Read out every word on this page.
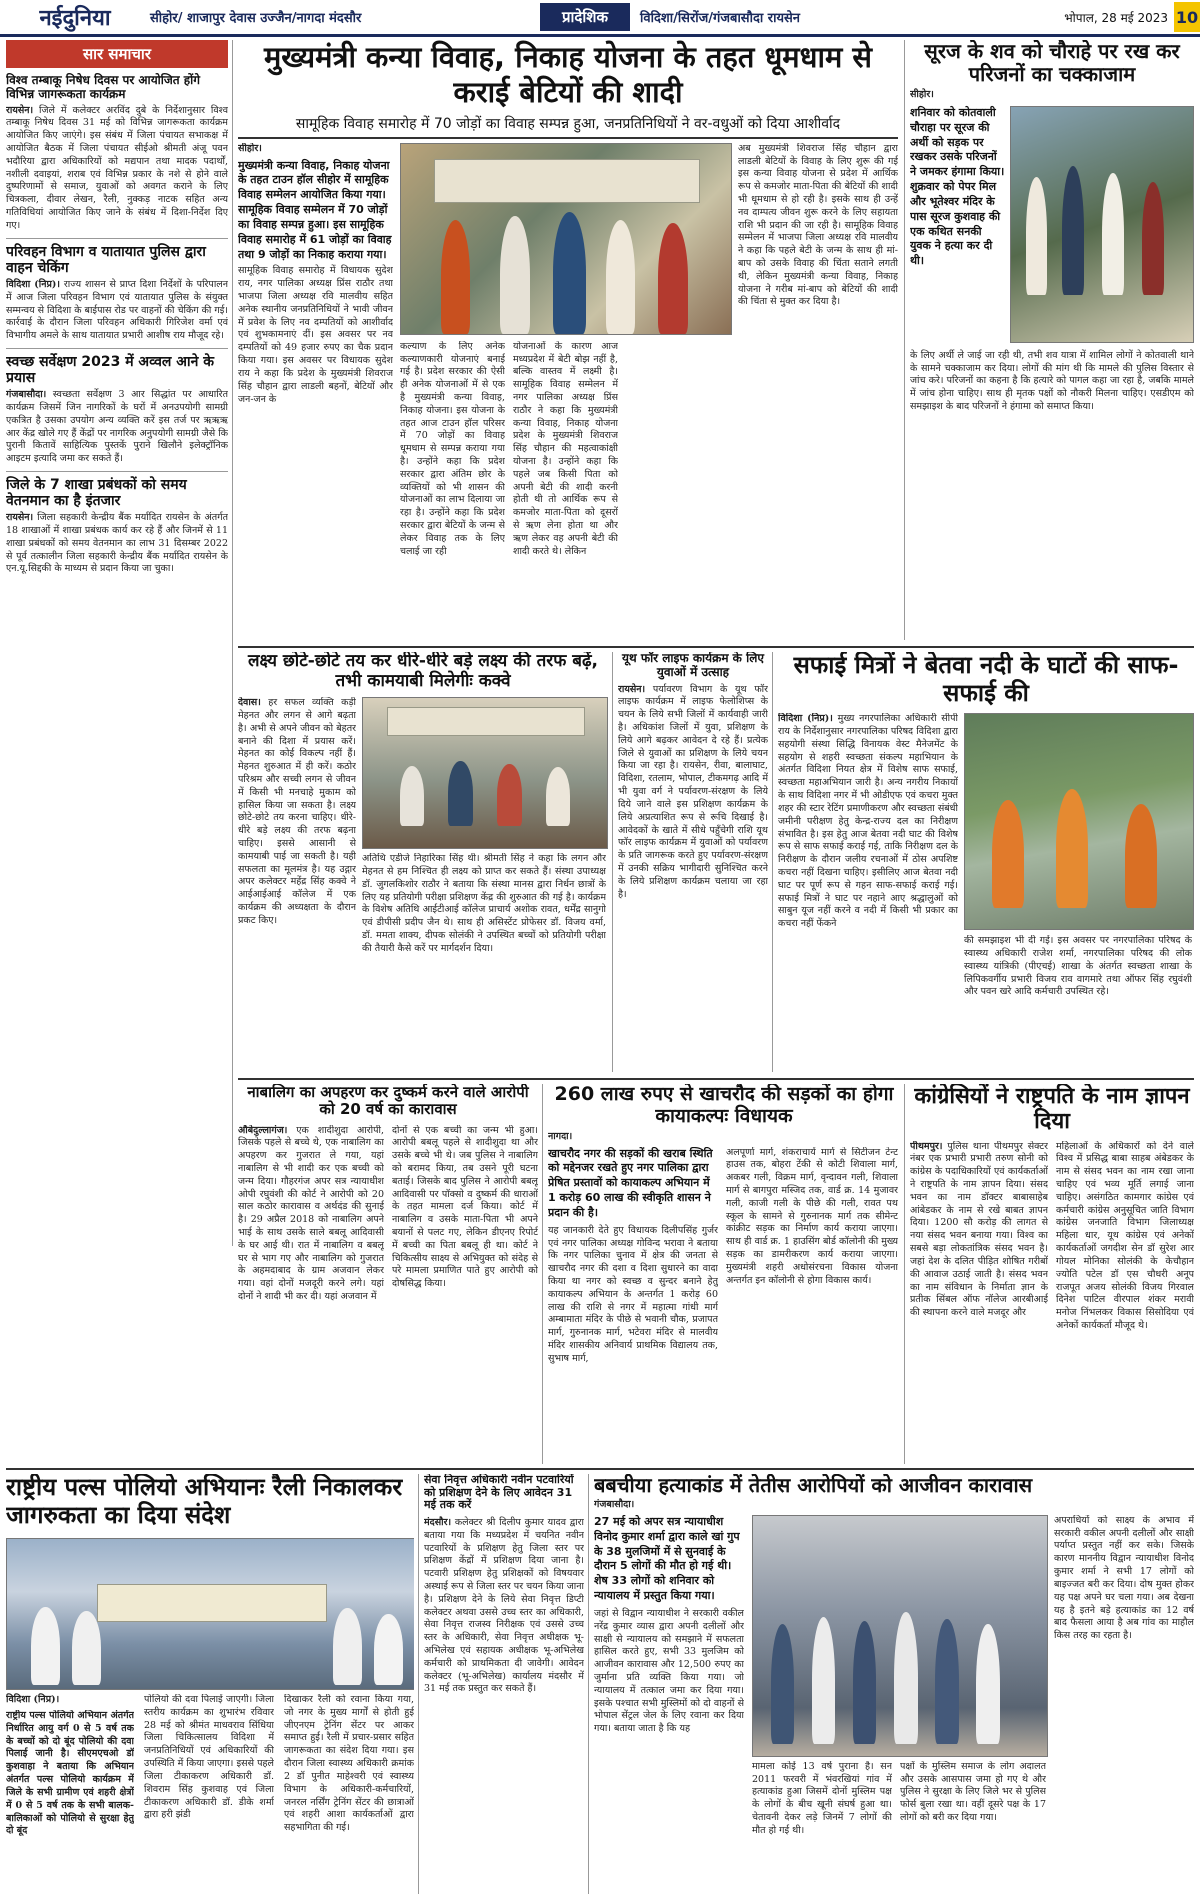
नईदुनिया	सीहोर/ शाजापुर देवास उज्जैन/नागदा मंदसौर	प्रादेशिक	विदिशा/सिरोंज/गंजबासौदा रायसेन	भोपाल, 28 मई 2023 10
सार समाचार
विश्व तम्बाकू निषेध दिवस पर आयोजित होंगे विभिन्न जागरूकता कार्यक्रम
रायसेन। जिले में कलेक्टर अरविंद दुबे के निर्देशानुसार विश्व तम्बाकू निषेध दिवस 31 मई को विभिन्न जागरूकता कार्यक्रम आयोजित किए जाएंगे। इस संबंध में जिला पंचायत सभाकक्ष में आयोजित बैठक में जिला पंचायत सीईओ श्रीमती अंजू पवन भदौरिया द्वारा अधिकारियों को मद्यपान तथा मादक पदार्थों, नशीली दवाइयां, शराब एवं विभिन्न प्रकार के नशे से होने वाले दुष्परिणामों से समाज, युवाओं को अवगत कराने के लिए चित्रकला, दीवार लेखन, रैली, नुक्कड़ नाटक सहित अन्य गतिविधियां आयोजित किए जाने के संबंध में दिशा-निर्देश दिए गए।
परिवहन विभाग व यातायात पुलिस द्वारा वाहन चेकिंग
विदिशा (निप्र)। राज्य शासन से प्राप्त दिशा निर्देशों के परिपालन में आज जिला परिवहन विभाग एवं यातायात पुलिस के संयुक्त सम्मन्वय से विदिशा के बाईपास रोड पर वाहनों की चेकिंग की गई। कार्रवाई के दौरान जिला परिवहन अधिकारी गिरिजेश वर्मा एवं विभागीय अमले के साथ यातायात प्रभारी आशीष राय मौजूद रहे।
स्वच्छ सर्वेक्षण 2023 में अव्वल आने के प्रयास
गंजबासौदा। स्वच्छता सर्वेक्षण 3 आर सिद्धांत पर आधारित कार्यक्रम जिसमें जिन नागरिकों के घरों में अनउपयोगी सामग्री एकत्रित है उसका उपयोग अन्य व्यक्ति करें इस तर्ज पर ऋऋऋ आर केंद्र खोले गए हैं केंद्रों पर नागरिक अनुपयोगी सामग्री जैसे कि पुरानी कितावें साहित्यिक पुस्तकें पुराने खिलौने इलेक्ट्रॉनिक आइटम इत्यादि जमा कर सकते हैं।
जिले के 7 शाखा प्रबंधकों को समय वेतनमान का है इंतजार
रायसेन। जिला सहकारी केन्द्रीय बैंक मर्यादित रायसेन के अंतर्गत 18 शाखाओं में शाखा प्रबंधक कार्य कर रहे हैं और जिनमें से 11 शाखा प्रबंधकों को समय वेतनमान का लाभ 31 दिसम्बर 2022 से पूर्व तत्कालीन जिला सहकारी केन्द्रीय बैंक मर्यादित रायसेन के एन.यू.सिद्दकी के माध्यम से प्रदान किया जा चुका।
मुख्यमंत्री कन्या विवाह, निकाह योजना के तहत धूमधाम से कराई बेटियों की शादी
सामूहिक विवाह समारोह में 70 जोड़ों का विवाह सम्पन्न हुआ, जनप्रतिनिधियों ने वर-वधुओं को दिया आशीर्वाद
सीहोर।
मुख्यमंत्री कन्या विवाह, निकाह योजना के तहत टाउन हॉल सीहोर में सामूहिक विवाह सम्मेलन आयोजित किया गया। सामूहिक विवाह सम्मेलन में 70 जोड़ों का विवाह सम्पन्न हुआ। इस सामूहिक विवाह समारोह में 61 जोड़ों का विवाह तथा 9 जोड़ों का निकाह कराया गया।
सामूहिक विवाह समारोह में विधायक सुदेश राय, नगर पालिका अध्यक्ष प्रिंस राठौर तथा भाजपा जिला अध्यक्ष रवि मालवीय सहित अनेक स्थानीय जनप्रतिनिधियों ने भावी जीवन में प्रवेश के लिए नव दम्पतियों को आशीर्वाद एवं शुभकामनाएं दीं। इस अवसर पर नव दम्पतियों को 49 हजार रुपए का चैक प्रदान किया गया। इस अवसर पर विधायक सुदेश राय ने कहा कि प्रदेश के मुख्यमंत्री शिवराज सिंह चौहान द्वारा लाडली बहनों, बेटियों और जन-जन के
कल्याण के लिए अनेक कल्याणकारी योजनाएं बनाई गई है। प्रदेश सरकार की ऐसी ही अनेक योजनाओं में से एक है मुख्यमंत्री कन्या विवाह, निकाह योजना। इस योजना के तहत आज टाउन हॉल परिसर में 70 जोड़ों का विवाह धूमधाम से सम्पन्न कराया गया है। उन्होंने कहा कि प्रदेश सरकार द्वारा अंतिम छोर के व्यक्तियों को भी शासन की योजनाओं का लाभ दिलाया जा रहा है। उन्होंने कहा कि प्रदेश सरकार द्वारा बेटियों के जन्म से लेकर विवाह तक के लिए चलाई जा रही
योजनाओं के कारण आज मध्यप्रदेश में बेटी बोझ नहीं है, बल्कि वास्तव में लक्ष्मी है। सामूहिक विवाह सम्मेलन में नगर पालिका अध्यक्ष प्रिंस राठौर ने कहा कि मुख्यमंत्री कन्या विवाह, निकाह योजना प्रदेश के मुख्यमंत्री शिवराज सिंह चौहान की महत्वाकांक्षी योजना है। उन्होंने कहा कि पहले जब किसी पिता को अपनी बेटी की शादी करनी होती थी तो आर्थिक रूप से कमजोर माता-पिता को दूसरों से ऋण लेना होता था और ऋण लेकर वह अपनी बेटी की शादी करते थे। लेकिन
अब मुख्यमंत्री शिवराज सिंह चौहान द्वारा लाडली बेटियों के विवाह के लिए शुरू की गई इस कन्या विवाह योजना से प्रदेश में आर्थिक रूप से कमजोर माता-पिता की बेटियों की शादी भी धूमधाम से हो रही है। इसके साथ ही उन्हें नव दाम्पत्य जीवन शुरू करने के लिए सहायता राशि भी प्रदान की जा रही है। सामूहिक विवाह सम्मेलन में भाजपा जिला अध्यक्ष रवि मालवीय ने कहा कि पहले बेटी के जन्म के साथ ही मां-बाप को उसके विवाह की चिंता सताने लगती थी, लेकिन मुख्यमंत्री कन्या विवाह, निकाह योजना ने गरीब मां-बाप को बेटियों की शादी की चिंता से मुक्त कर दिया है।
सूरज के शव को चौराहे पर रख कर परिजनों का चक्काजाम
सीहोर।
शनिवार को कोतवाली चौराहा पर सूरज की अर्थी को सड़क पर रखकर उसके परिजनों ने जमकर हंगामा किया। शुक्रवार को पेपर मिल और भूतेश्वर मंदिर के पास सूरज कुशवाह की एक कथित सनकी युवक ने हत्या कर दी थी।
के लिए अर्थी ले जाई जा रही थी, तभी शव यात्रा में शामिल लोगों ने कोतवाली थाने के सामने चक्काजाम कर दिया। लोगों की मांग थी कि मामले की पुलिस विस्तार से जांच करे। परिजनों का कहना है कि हत्यारे को पागल कहा जा रहा है, जबकि मामले में जांच होना चाहिए। साथ ही मृतक पक्षों को नौकरी मिलना चाहिए। एसडीएम को समझाइश के बाद परिजनों ने हंगामा को समाप्त किया।
लक्ष्य छोटे-छोटे तय कर धीरे-धीरे बड़े लक्ष्य की तरफ बढ़ें, तभी कामयाबी मिलेगीः कक्वे
देवास। हर सफल व्यक्ति कड़ी मेहनत और लगन से आगे बढ़ता है। अभी से अपने जीवन को बेहतर बनाने की दिशा में प्रयास करें। मेहनत का कोई विकल्प नहीं हैं। मेहनत शुरुआत में ही करें। कठोर परिश्रम और सच्ची लगन से जीवन में किसी भी मनचाहे मुकाम को हासिल किया जा सकता है। लक्ष्य छोटे-छोटे तय करना चाहिए। धीरे-धीरे बड़े लक्ष्य की तरफ बढ़ना चाहिए। इससे आसानी से कामयाबी पाई जा सकती है। यही सफलता का मूलमंत्र है। यह उद्गार अपर कलेक्टर महेंद्र सिंह कक्वे ने आईआईआई कॉलेज में एक कार्यक्रम की अध्यक्षता के दौरान प्रकट किए।
अतिथि एडीजे निहारिका सिंह थी। श्रीमती सिंह ने कहा कि लगन और मेहनत से हम निश्चित ही लक्ष्य को प्राप्त कर सकते हैं। संस्था उपाध्यक्ष डॉ. जुगलकिशोर राठौर ने बताया कि संस्था मानस द्वारा निर्धन छात्रों के लिए यह प्रतियोगी परीक्षा प्रशिक्षण केंद्र की शुरुआत की गई है। कार्यक्रम के विशेष अतिथि आईटीआई कॉलेज प्राचार्य अशोक रावत, धर्मेंद्र सानुगो एवं डीपीसी प्रदीप जैन थे। साथ ही असिस्टेंट प्रोफेसर डॉ. विजय वर्मा, डॉ. ममता शाक्य, दीपक सोलंकी ने उपस्थित बच्चों को प्रतियोगी परीक्षा की तैयारी कैसे करें पर मार्गदर्शन दिया।
यूथ फॉर लाइफ कार्यक्रम के लिए युवाओं में उत्साह
रायसेन। पर्यावरण विभाग के यूथ फॉर लाइफ कार्यक्रम में लाइफ फेलोशिप्स के चयन के लिये सभी जिलों में कार्यवाही जारी है। अधिकांश जिलों में युवा, प्रशिक्षण के लिये आगे बढ़कर आवेदन दे रहे हैं। प्रत्येक जिले से युवाओं का प्रशिक्षण के लिये चयन किया जा रहा है। रायसेन, रीवा, बालाघाट, विदिशा, रतलाम, भोपाल, टीकमगढ़ आदि में भी युवा वर्ग ने पर्यावरण-संरक्षण के लिये दिये जाने वाले इस प्रशिक्षण कार्यक्रम के लिये अप्रत्याशित रूप से रूचि दिखाई है। आवेदकों के खाते में सीधे पहुँचेगी राशि यूथ फॉर लाइफ कार्यक्रम में युवाओं को पर्यावरण के प्रति जागरूक करते हुए पर्यावरण-संरक्षण में उनकी सक्रिय भागीदारी सुनिश्चित करने के लिये प्रशिक्षण कार्यक्रम चलाया जा रहा है।
सफाई मित्रों ने बेतवा नदी के घाटों की साफ-सफाई की
विदिशा (निप्र)। मुख्य नगरपालिका अधिकारी सीपी राय के निर्देशानुसार नगरपालिका परिषद विदिशा द्वारा सहयोगी संस्था सिद्धि विनायक वेस्ट मैनेजमेंट के सहयोग से शहरी स्वच्छता संकल्प महाभियान के अंतर्गत विदिशा नियत क्षेत्र में विशेष साफ सफाई, स्वच्छता महाअभियान जारी है। अन्य नगरीय निकायों के साथ विदिशा नगर में भी ओडीएफ एवं कचरा मुक्त शहर की स्टार रेटिंग प्रमाणीकरण और स्वच्छता संबंधी जमीनी परीक्षण हेतु केन्द्र-राज्य दल का निरीक्षण संभावित है। इस हेतु आज बेतवा नदी घाट की विशेष रूप से साफ सफाई कराई गई, ताकि निरीक्षण दल के निरीक्षण के दौरान जलीय रचनाओं में ठोस अपशिष्ट कचरा नहीं दिखना चाहिए। इसीलिए आज बेतवा नदी घाट पर पूर्ण रूप से गहन साफ-सफाई कराई गई। सफाई मित्रों ने घाट पर नहाने आए श्रद्धालुओं को साबुन यूज नहीं करने व नदी में किसी भी प्रकार का कचरा नहीं फेंकने
की समझाइश भी दी गई। इस अवसर पर नगरपालिका परिषद के स्वास्थ्य अधिकारी राजेश शर्मा, नगरपालिका परिषद की लोक स्वास्थ्य यांत्रिकी (पीएचई) शाखा के अंतर्गत स्वच्छता शाखा के लिपिकवर्गीय प्रभारी विजय राव वागमारे तथा ऑफर सिंह रघुवंशी और पवन खरे आदि कर्मचारी उपस्थित रहे।
नाबालिग का अपहरण कर दुष्कर्म करने वाले आरोपी को 20 वर्ष का कारावास
औबेदुल्लागंज। एक शादीशुदा आरोपी, जिसके पहले से बच्चे थे, एक नाबालिग का अपहरण कर गुजरात ले गया, यहां नाबालिग से भी शादी कर एक बच्ची को जन्म दिया। गौहरगंज अपर सत्र न्यायाधीश ओपी रघुवंशी की कोर्ट ने आरोपी को 20 साल कठोर कारावास व अर्थदंड की सुनाई है। 29 अप्रैल 2018 को नाबालिग अपने भाई के साथ उसके साले बबलू आदिवासी के घर आई थी। रात में नाबालिग व बबलू घर से भाग गए और नाबालिग को गुजरात के अहमदाबाद के ग्राम अजवान लेकर गया। वहां दोनों मजदूरी करने लगे। यहां दोनों ने शादी भी कर दी। यहां अजवान में
दोनों से एक बच्ची का जन्म भी हुआ। आरोपी बबलू पहले से शादीशुदा था और उसके बच्चे भी थे। जब पुलिस ने नाबालिग को बरामद किया, तब उसने पूरी घटना बताई। जिसके बाद पुलिस ने आरोपी बबलू आदिवासी पर पॉक्सो व दुष्कर्म की धाराओं के तहत मामला दर्ज किया। कोर्ट में नाबालिग व उसके माता-पिता भी अपने बयानों से पलट गए, लेकिन डीएनए रिपोर्ट में बच्ची का पिता बबलू ही था। कोर्ट ने चिकित्सीय साक्ष्य से अभियुक्त को संदेह से परे मामला प्रमाणित पाते हुए आरोपी को दोषसिद्ध किया।
260 लाख रुपए से खाचरौद की सड़कों का होगा कायाकल्पः विधायक
नागदा।
खाचरौद नगर की सड़कों की खराब स्थिति को मद्देनजर रखते हुए नगर पालिका द्वारा प्रेषित प्रस्तावों को कायाकल्प अभियान में 1 करोड़ 60 लाख की स्वीकृति शासन ने प्रदान की है।
यह जानकारी देते हुए विधायक दिलीपसिंह गुर्जर एवं नगर पालिका अध्यक्ष गोविन्द भरावा ने बताया कि नगर पालिका चुनाव में क्षेत्र की जनता से खाचरौद नगर की दशा व दिशा सुधारने का वादा किया था नगर को स्वच्छ व सुन्दर बनाने हेतु कायाकल्प अभियान के अन्तर्गत 1 करोड़ 60 लाख की राशि से नगर में महात्मा गांधी मार्ग अम्बामाता मंदिर के पीछे से भवानी चौक, प्रजापत मार्ग, गुरुनानक मार्ग, भटेवरा मंदिर से मालवीय मंदिर शासकीय अनिवार्य प्राथमिक विद्यालय तक, सुभाष मार्ग,
अलपूर्णा मार्ग, शंकराचार्य मार्ग से सिटीजन टेन्ट हाउस तक, बोहरा टेंकी से कोटी शिवाला मार्ग, अकबर गली, विक्रम मार्ग, वृन्दावन गली, शिवाला मार्ग से बागपुरा मस्जिद तक, वार्ड क्र. 14 मुजावर गली, काजी गली के पीछे की गली, रावत पथ स्कूल के सामने से गुरुनानक मार्ग तक सीमेन्ट कांक्रीट सड़क का निर्माण कार्य कराया जाएगा। साथ ही वार्ड क्र. 1 हाउसिंग बोर्ड कॉलोनी की मुख्य सड़क का डामरीकरण कार्य कराया जाएगा। मुख्यमंत्री शहरी अधोसंरचना विकास योजना अन्तर्गत इन कॉलोनी से होगा विकास कार्य।
कांग्रेसियों ने राष्ट्रपति के नाम ज्ञापन दिया
पीथमपुर। पुलिस थाना पीथमपुर सेक्टर नंबर एक प्रभारी प्रभारी तरुण सोनी को कांग्रेस के पदाधिकारियों एवं कार्यकर्ताओं ने राष्ट्रपति के नाम ज्ञापन दिया। संसद भवन का नाम डॉक्टर बाबासाहेब आंबेडकर के नाम से रखे बाबत ज्ञापन दिया। 1200 सौ करोड़ की लागत से नया संसद भवन बनाया गया। विश्व का सबसे बड़ा लोकतांत्रिक संसद भवन है। जहां देश के दलित पीड़ित शोषित गरीबों की आवाज उठाई जाती है। संसद भवन का नाम संविधान के निर्माता ज्ञान के प्रतीक सिंबल ऑफ नॉलेज आरबीआई की स्थापना करने वाले मजदूर और
महिलाओं के अधिकारों को देने वाले विश्व में प्रसिद्ध बाबा साहब अंबेडकर के नाम से संसद भवन का नाम रखा जाना चाहिए एवं भव्य मूर्ति लगाई जाना चाहिए। असंगठित कामगार कांग्रेस एवं कर्मचारी कांग्रेस अनुसूचित जाति विभाग कांग्रेस जनजाति विभाग जिलाध्यक्ष महिला धार, यूथ कांग्रेस एवं अनेकों कार्यकर्ताओं जगदीश सेन डॉ सुरेश आर गोयल मोनिका सोलंकी के केचौहान ज्योति पटेल डॉ एस चौधरी अनूप राजपूत अजय सोलंकी विजय गिरवाल दिनेश पाटिल वीरपाल शंकर मरावी मनोज निंभलकर विकास सिसोदिया एवं अनेकों कार्यकर्ता मौजूद थे।
राष्ट्रीय पल्स पोलियो अभियानः रैली निकालकर जागरुकता का दिया संदेश
विदिशा (निप्र)।
राष्ट्रीय पल्स पोलियो अभियान अंतर्गत निर्धारित आयु वर्ग 0 से 5 वर्ष तक के बच्चों को दो बूंद पोलियो की दवा पिलाई जानी है। सीएमएचओ डॉ कुशवाहा ने बताया कि अभियान अंतर्गत पल्स पोलियो कार्यक्रम में जिले के सभी ग्रामीण एवं शहरी क्षेत्रों में 0 से 5 वर्ष तक के सभी बालक-बालिकाओं को पोलियो से सुरक्षा हेतु दो बूंद
पोलियो की दवा पिलाई जाएगी। जिला स्तरीय कार्यक्रम का शुभारंभ रविवार 28 मई को श्रीमंत माधवराव सिंधिया जिला चिकित्सालय विदिशा में जनप्रतिनिधियों एवं अधिकारियों की उपस्थिति में किया जाएगा। इससे पहले जिला टीकाकरण अधिकारी डॉ. शिवराम सिंह कुशवाह एवं जिला टीकाकरण अधिकारी डॉ. डीके शर्मा द्वारा हरी झंडी
दिखाकर रैली को रवाना किया गया, जो नगर के मुख्य मार्गों से होती हुई जीएनएम ट्रेनिंग सेंटर पर आकर समाप्त हुई। रैली में प्रचार-प्रसार सहित जागरूकता का संदेश दिया गया। इस दौरान जिला स्वास्थ्य अधिकारी क्रमांक 2 डॉ पुनीत माहेश्वरी एवं स्वास्थ्य विभाग के अधिकारी-कर्मचारियों, जनरल नर्सिंग ट्रेनिंग सेंटर की छात्राओं एवं शहरी आशा कार्यकर्ताओं द्वारा सहभागिता की गई।
सेवा निवृत्त अधिकारी नवीन पटवारियों को प्रशिक्षण देने के लिए आवेदन 31 मई तक करें
मंदसौर। कलेक्टर श्री दिलीप कुमार यादव द्वारा बताया गया कि मध्यप्रदेश में चयनित नवीन पटवारियों के प्रशिक्षण हेतु जिला स्तर पर प्रशिक्षण केंद्रों में प्रशिक्षण दिया जाना है। पटवारी प्रशिक्षण हेतु प्रशिक्षकों को विषयवार अस्थाई रूप से जिला स्तर पर चयन किया जाना है। प्रशिक्षण देने के लिये सेवा निवृत्त डिप्टी कलेक्टर अथवा उससे उच्च स्तर का अधिकारी, सेवा निवृत्त राजस्व निरीक्षक एवं उससे उच्च स्तर के अधिकारी, सेवा निवृत्त अधीक्षक भू-अभिलेख एवं सहायक अधीक्षक भू-अभिलेख कर्मचारी को प्राथमिकता दी जावेगी। आवेदन कलेक्टर (भू-अभिलेख) कार्यालय मंदसौर में 31 मई तक प्रस्तुत कर सकते हैं।
बबचीया हत्याकांड में तेतीस आरोपियों को आजीवन कारावास
गंजबासौदा।
27 मई को अपर सत्र न्यायाधीश विनोद कुमार शर्मा द्वारा काले खां गुप के 38 मुलजिमों में से सुनवाई के दौरान 5 लोगों की मौत हो गई थी। शेष 33 लोगों को शनिवार को न्यायालय में प्रस्तुत किया गया।
जहां से विद्वान न्यायाधीश ने सरकारी वकील नरेंद्र कुमार व्यास द्वारा अपनी दलीलों और साक्षी से न्यायालय को समझाने में सफलता हासिल करते हुए, सभी 33 मुलजिम को आजीवन कारावास और 12,500 रुपए का जुर्माना प्रति व्यक्ति किया गया। जो न्यायालय में तत्काल जमा कर दिया गया। इसके पश्चात सभी मुस्लिमों को दो वाहनों से भोपाल सेंट्रल जेल के लिए रवाना कर दिया गया। बताया जाता है कि यह
मामला कोई 13 वर्ष पुराना है। सन 2011 फरवरी में भंवरखियां गांव में हत्याकांड हुआ जिसमें दोनों मुस्लिम पक्ष के लोगों के बीच खूनी संघर्ष हुआ था। चेतावनी देकर लड़े जिनमें 7 लोगों की मौत हो गई थी।
पक्षों के मुस्लिम समाज के लोग अदालत और उसके आसपास जमा हो गए थे और पुलिस ने सुरक्षा के लिए जिले भर से पुलिस फोर्स बुला रखा था। वहीं दूसरे पक्ष के 17 लोगों को बरी कर दिया गया।
अपराधियों को साक्ष्य के अभाव में सरकारी वकील अपनी दलीलों और साक्षी पर्याप्त प्रस्तुत नहीं कर सके। जिसके कारण माननीय विद्वान न्यायाधीश विनोद कुमार शर्मा ने सभी 17 लोगों को बाइज्जत बरी कर दिया। दोष मुक्त होकर यह पक्ष अपने घर चला गया। अब देखना यह है इतने बड़े हत्याकांड का 12 वर्ष बाद फैसला आया है अब गांव का माहौल किस तरह का रहता है।
